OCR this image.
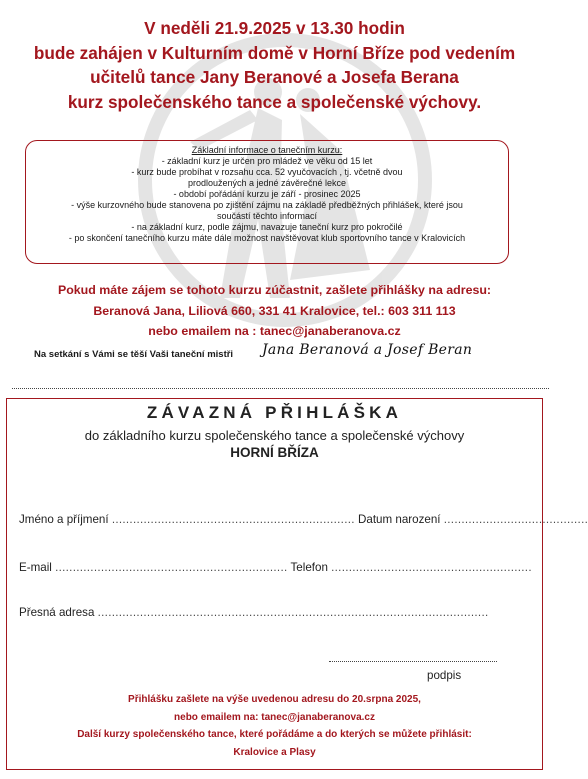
V neděli 21.9.2025 v 13.30 hodin
bude zahájen v Kulturním domě v Horní Bříze pod vedením
učitelů tance Jany Beranové a Josefa Berana
kurz společenského tance a společenské výchovy.
Základní informace o tanečním kurzu:
- základní kurz je určen pro mládež ve věku od 15 let
- kurz bude probíhat v rozsahu cca. 52 vyučovacích , tj. včetně dvou
prodloužených a jedné závěrečné lekce
- období pořádání kurzu je září - prosinec 2025
- výše kurzovného bude stanovena po zjištění zájmu na základě předběžných přihlášek, které jsou
součástí těchto informací
- na základní kurz, podle zájmu, navazuje taneční kurz pro pokročilé
- po skončení tanečního kurzu máte dále možnost navštěvovat klub sportovního tance v Kralovicích
Pokud máte zájem se tohoto kurzu zúčastnit, zašlete přihlášky na adresu:
Beranová Jana, Liliová 660, 331 41 Kralovice, tel.: 603 311 113
nebo emailem na : tanec@janaberanova.cz
Na setkání s Vámi se těší Vaši taneční mistři Jana Beranová a Josef Beran
ZÁVAZNÁ PŘIHLÁŠKA
do základního kurzu společenského tance a společenské výchovy
HORNÍ BŘÍZA
Jméno a příjmení ..................................................................... Datum narození .........................................
E-mail .................................................................. Telefon .........................................................
Přesná adresa ...............................................................................................................
podpis
Přihlášku zašlete na výše uvedenou adresu do 20.srpna 2025,
nebo emailem na: tanec@janaberanova.cz
Další kurzy společenského tance, které pořádáme a do kterých se můžete přihlásit:
Kralovice a Plasy
